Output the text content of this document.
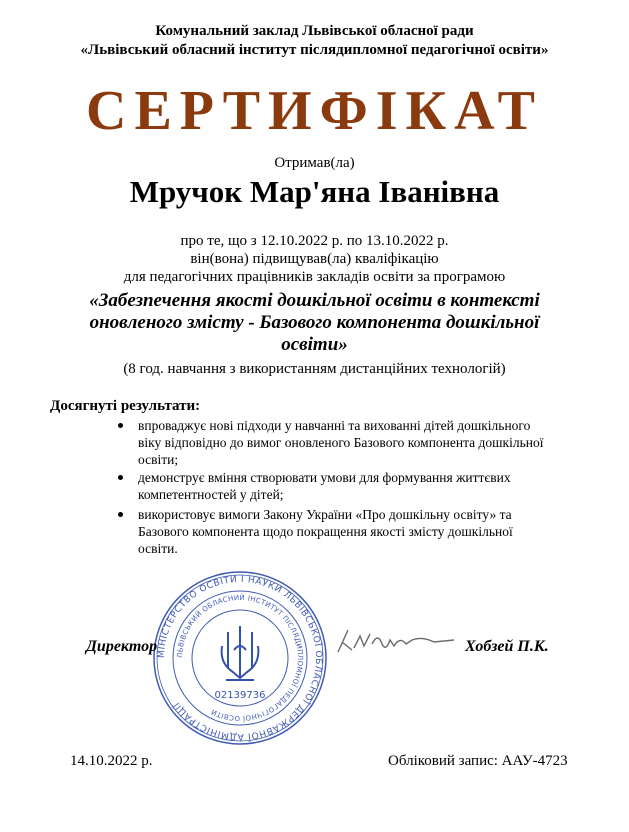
Комунальний заклад Львівської обласної ради
«Львівський обласний інститут післядипломної педагогічної освіти»
СЕРТИФІКАТ
Отримав(ла)
Мручок Мар'яна Іванівна
про те, що з 12.10.2022 р. по 13.10.2022 р.
він(вона) підвищував(ла) кваліфікацію
для педагогічних працівників закладів освіти за програмою
«Забезпечення якості дошкільної освіти в контексті
оновленого змісту - Базового компонента дошкільної
освіти»
(8 год. навчання з використанням дистанційних технологій)
Досягнуті результати:
впроваджує нові підходи у навчанні та вихованні дітей дошкільного
віку відповідно до вимог оновленого Базового компонента дошкільної
освіти;
демонструє вміння створювати умови для формування життєвих
компетентностей у дітей;
використовує вимоги Закону України «Про дошкільну освіту» та
Базового компонента щодо покращення якості змісту дошкільної
освіти.
МІНІСТЕРСТВО ОСВІТИ І НАУКИ ЛЬВІВСЬКОЇ ОБЛАСНОЇ ДЕРЖАВНОЇ АДМІНІСТРАЦІЇ
ЛЬВІВСЬКИЙ ОБЛАСНИЙ ІНСТИТУТ ПІСЛЯДИПЛОМНОЇ ПЕДАГОГІЧНОЇ ОСВІТИ
02139736
Директор	Хобзей П.К.
14.10.2022 р.	Обліковий запис: ААУ-4723
